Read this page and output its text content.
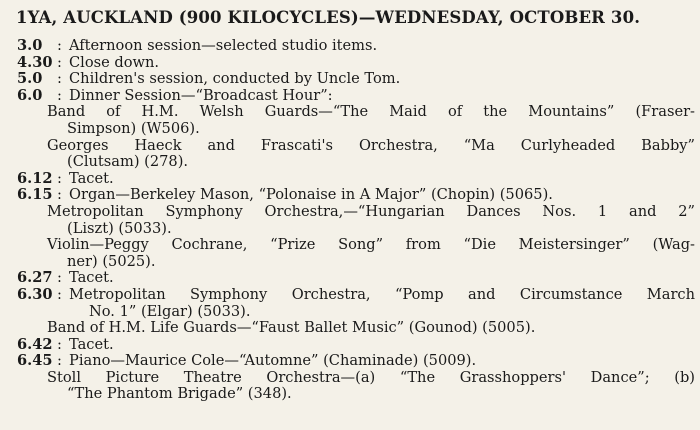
1YA, AUCKLAND (900 KILOCYCLES)—WEDNESDAY, OCTOBER 30.
3.0	: Afternoon session—selected studio items.
4.30 : Close down.
5.0	: Children's session, conducted by Uncle Tom.
6.0	: Dinner Session—“Broadcast Hour”:
Band of H.M. Welsh Guards—“The Maid of the Mountains” (Fraser-
Simpson) (W506).
Georges Haeck and Frascati's Orchestra, “Ma Curlyheaded Babby”
(Clutsam) (278).
6.12 : Tacet.
6.15 : Organ—Berkeley Mason, “Polonaise in A Major” (Chopin) (5065).
Metropolitan Symphony Orchestra,—“Hungarian Dances Nos. 1 and 2”
(Liszt) (5033).
Violin—Peggy Cochrane, “Prize Song” from “Die Meistersinger” (Wag-
ner) (5025).
6.27 : Tacet.
6.30 : Metropolitan Symphony Orchestra, “Pomp and Circumstance March
No. 1” (Elgar) (5033).
Band of H.M. Life Guards—“Faust Ballet Music” (Gounod) (5005).
6.42 : Tacet.
6.45 : Piano—Maurice Cole—“Automne” (Chaminade) (5009).
Stoll Picture Theatre Orchestra—(a) “The Grasshoppers' Dance”; (b)
“The Phantom Brigade” (348).
